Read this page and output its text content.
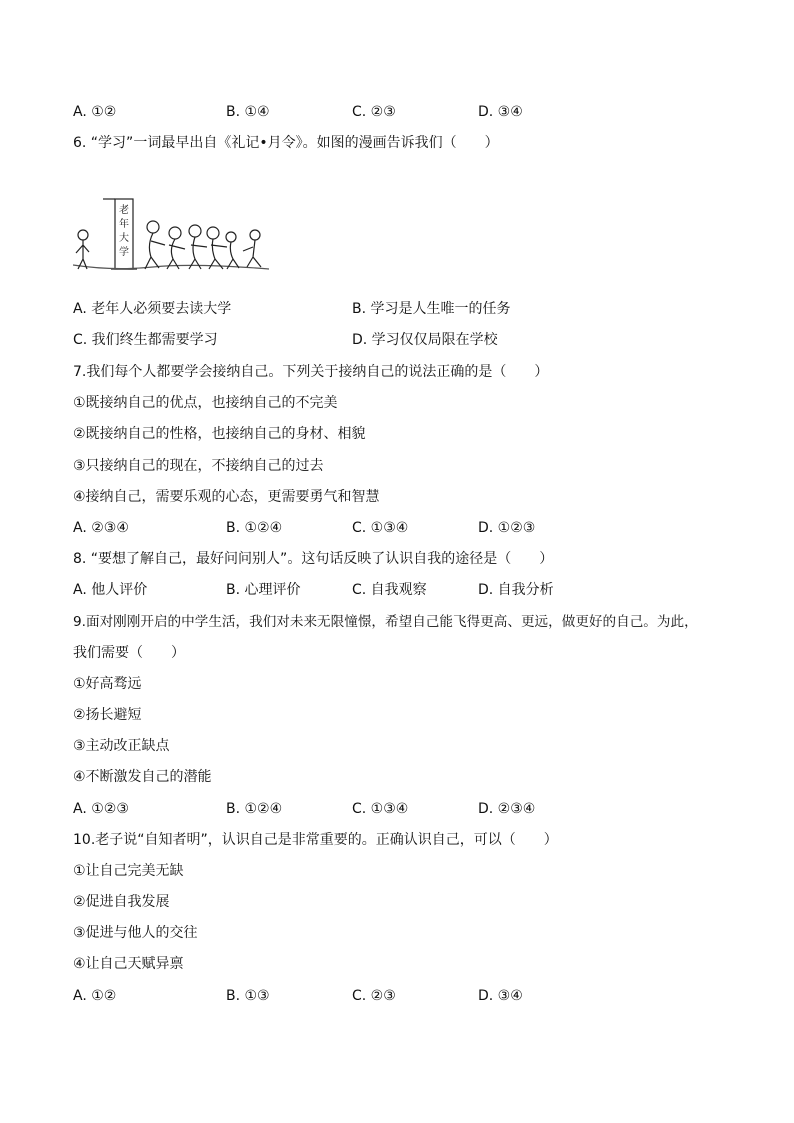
A. ①②	B. ①④	C. ②③	D. ③④
6. “学习”一词最早出自《礼记•月令》。如图的漫画告诉我们（　　）
老
年
大
学
A. 老年人必须要去读大学	B. 学习是人生唯一的任务
C. 我们终生都需要学习	D. 学习仅仅局限在学校
7.我们每个人都要学会接纳自己。下列关于接纳自己的说法正确的是（　　）
①既接纳自己的优点，也接纳自己的不完美
②既接纳自己的性格，也接纳自己的身材、相貌
③只接纳自己的现在，不接纳自己的过去
④接纳自己，需要乐观的心态，更需要勇气和智慧
A. ②③④	B. ①②④	C. ①③④	D. ①②③
8. “要想了解自己，最好问问别人”。这句话反映了认识自我的途径是（　　）
A. 他人评价	B. 心理评价	C. 自我观察	D. 自我分析
9.面对刚刚开启的中学生活，我们对未来无限憧憬，希望自己能飞得更高、更远，做更好的自己。为此，
我们需要（　　）
①好高骛远
②扬长避短
③主动改正缺点
④不断激发自己的潜能
A. ①②③	B. ①②④	C. ①③④	D. ②③④
10.老子说“自知者明”，认识自己是非常重要的。正确认识自己，可以（　　）
①让自己完美无缺
②促进自我发展
③促进与他人的交往
④让自己天赋异禀
A. ①②	B. ①③	C. ②③	D. ③④
